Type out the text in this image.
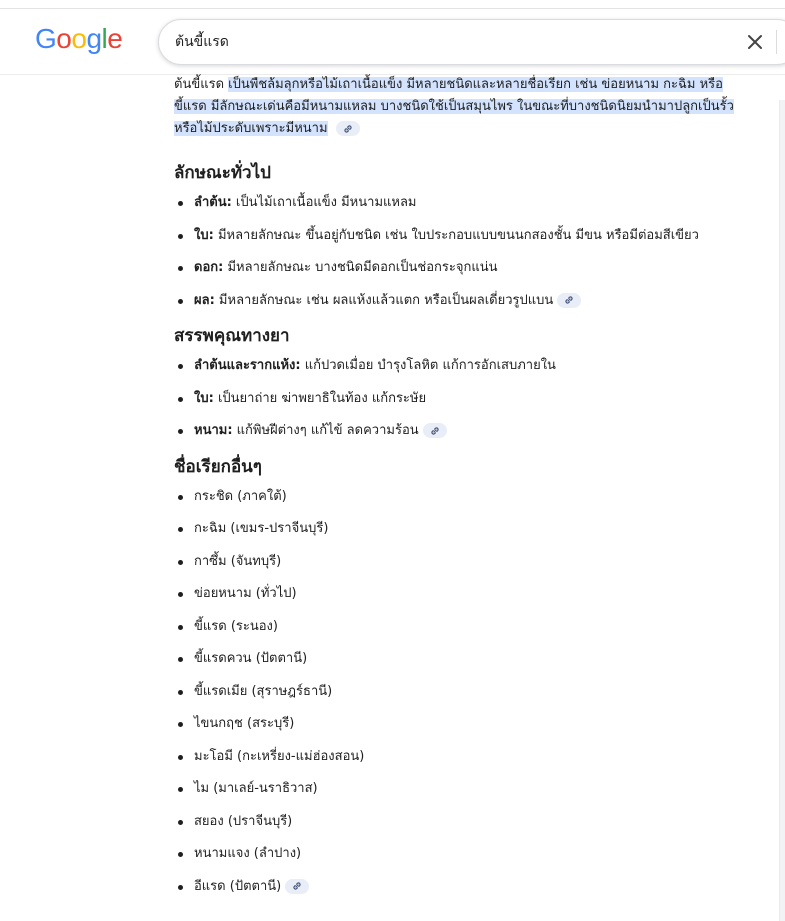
Google
ต้นขี้แรด

ต้นขี้แรด เป็นพืชล้มลุกหรือไม้เถาเนื้อแข็ง มีหลายชนิดและหลายชื่อเรียก เช่น ข่อยหนาม กะฉิม หรือขี้แรด มีลักษณะเด่นคือมีหนามแหลม บางชนิดใช้เป็นสมุนไพร ในขณะที่บางชนิดนิยมนำมาปลูกเป็นรั้วหรือไม้ประดับเพราะมีหนาม

ลักษณะทั่วไป
ลำต้น: เป็นไม้เถาเนื้อแข็ง มีหนามแหลม
ใบ: มีหลายลักษณะ ขึ้นอยู่กับชนิด เช่น ใบประกอบแบบขนนกสองชั้น มีขน หรือมีต่อมสีเขียว
ดอก: มีหลายลักษณะ บางชนิดมีดอกเป็นช่อกระจุกแน่น
ผล: มีหลายลักษณะ เช่น ผลแห้งแล้วแตก หรือเป็นผลเดี่ยวรูปแบน
สรรพคุณทางยา
ลำต้นและรากแห้ง: แก้ปวดเมื่อย บำรุงโลหิต แก้การอักเสบภายใน
ใบ: เป็นยาถ่าย ฆ่าพยาธิในท้อง แก้กระษัย
หนาม: แก้พิษฝีต่างๆ แก้ไข้ ลดความร้อน
ชื่อเรียกอื่นๆ
กระชิด (ภาคใต้)
กะฉิม (เขมร-ปราจีนบุรี)
กาซึ้ม (จันทบุรี)
ข่อยหนาม (ทั่วไป)
ขี้แรด (ระนอง)
ขี้แรดควน (ปัตตานี)
ขี้แรดเมีย (สุราษฎร์ธานี)
ไขนกฤช (สระบุรี)
มะโอมี (กะเหรี่ยง-แม่ฮ่องสอน)
ไม (มาเลย์-นราธิวาส)
สยอง (ปราจีนบุรี)
หนามแจง (ลำปาง)
อีแรด (ปัตตานี)
